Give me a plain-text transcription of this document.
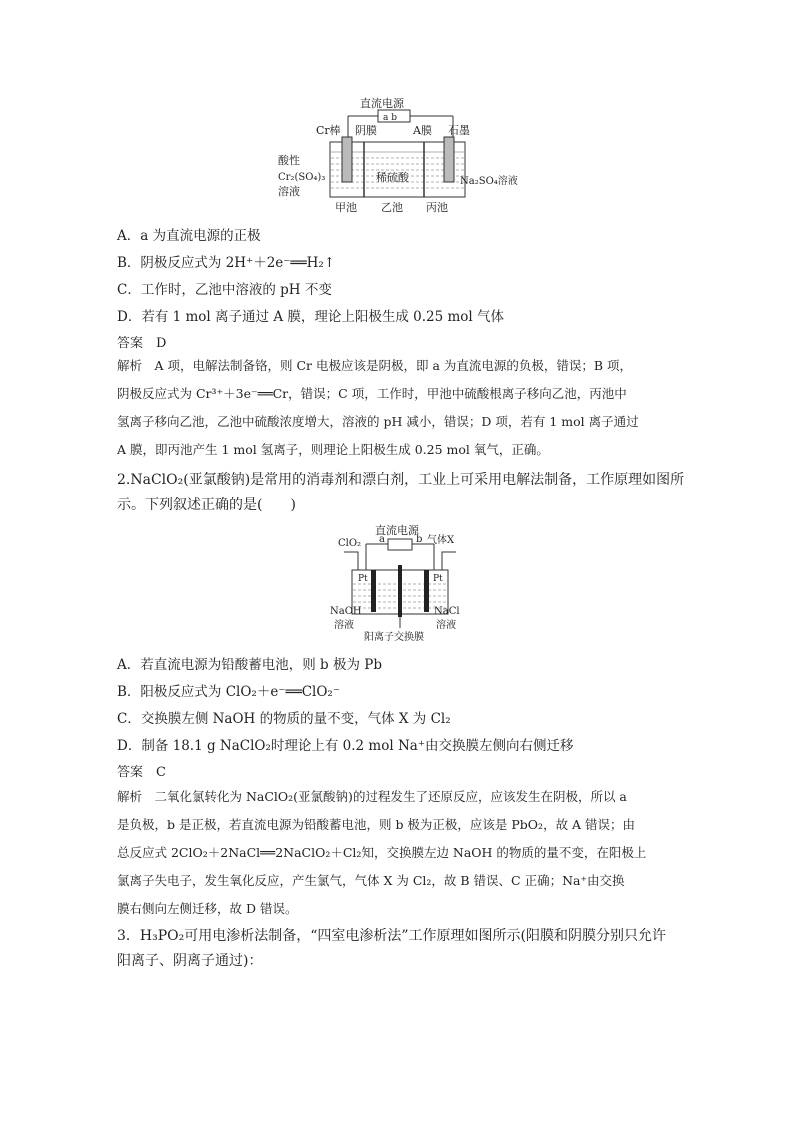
直流电源
a b
Cr棒 阴膜	A膜 石墨
酸性
Cr₂(SO₄)₃
溶液
稀硫酸	Na₂SO₄溶液
甲池 乙池 丙池
A．a 为直流电源的正极
B．阴极反应式为 2H⁺＋2e⁻══H₂↑
C．工作时，乙池中溶液的 pH 不变
D．若有 1 mol 离子通过 A 膜，理论上阳极生成 0.25 mol 气体
答案　D
解析　A 项，电解法制备铬，则 Cr 电极应该是阴极，即 a 为直流电源的负极，错误；B 项，
阴极反应式为 Cr³⁺＋3e⁻══Cr，错误；C 项，工作时，甲池中硫酸根离子移向乙池，丙池中
氢离子移向乙池，乙池中硫酸浓度增大，溶液的 pH 减小，错误；D 项，若有 1 mol 离子通过
A 膜，即丙池产生 1 mol 氢离子，则理论上阳极生成 0.25 mol 氧气，正确。
2.NaClO₂(亚氯酸钠)是常用的消毒剂和漂白剂，工业上可采用电解法制备，工作原理如图所
示。下列叙述正确的是(　　)
直流电源
a	b
ClO₂	气体X
Pt	Pt
NaOH
溶液
NaCl
溶液
阳离子交换膜
A．若直流电源为铅酸蓄电池，则 b 极为 Pb
B．阳极反应式为 ClO₂＋e⁻══ClO₂⁻
C．交换膜左侧 NaOH 的物质的量不变，气体 X 为 Cl₂
D．制备 18.1 g NaClO₂时理论上有 0.2 mol Na⁺由交换膜左侧向右侧迁移
答案　C
解析　二氧化氯转化为 NaClO₂(亚氯酸钠)的过程发生了还原反应，应该发生在阴极，所以 a
是负极，b 是正极，若直流电源为铅酸蓄电池，则 b 极为正极，应该是 PbO₂，故 A 错误；由
总反应式 2ClO₂＋2NaCl══2NaClO₂＋Cl₂知，交换膜左边 NaOH 的物质的量不变，在阳极上
氯离子失电子，发生氧化反应，产生氯气，气体 X 为 Cl₂，故 B 错误、C 正确；Na⁺由交换
膜右侧向左侧迁移，故 D 错误。
3．H₃PO₂可用电渗析法制备，“四室电渗析法”工作原理如图所示(阳膜和阴膜分别只允许
阳离子、阴离子通过)：
